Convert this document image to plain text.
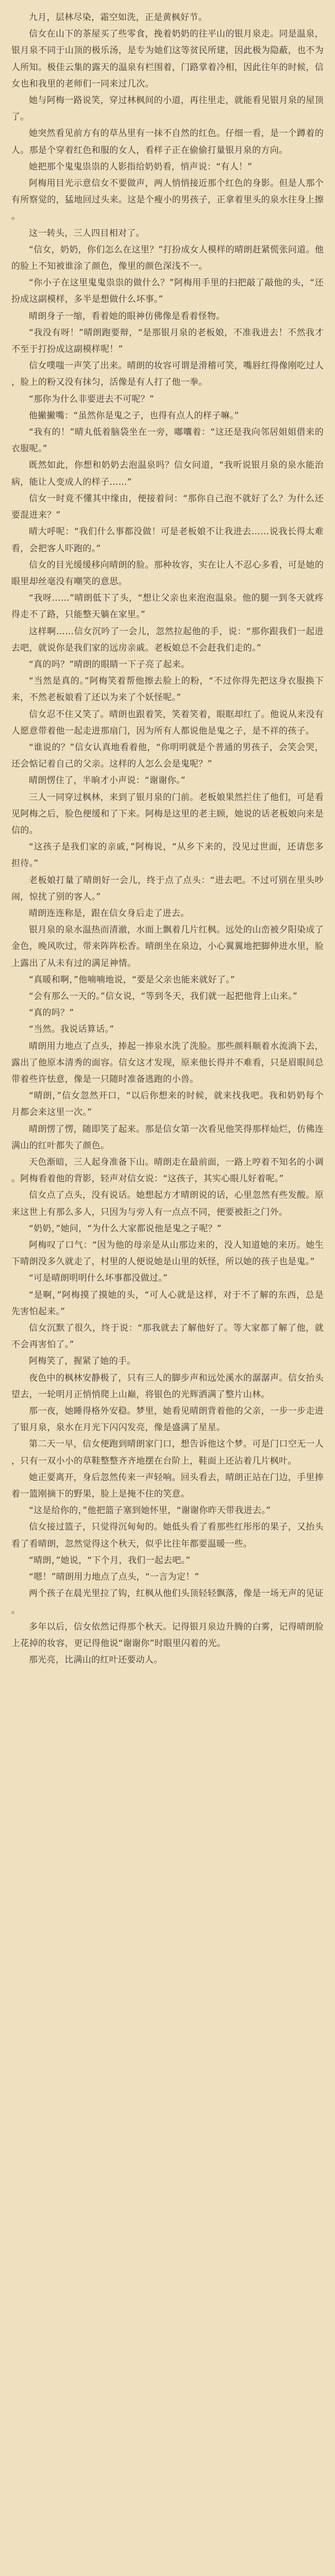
九月，层林尽染，霜空如洗，正是黄枫好节。

信女在山下的茶屋买了些零食，挽着奶奶的往平山的银月泉走。同是温泉，银月泉不同于山顶的极乐汤，是专为她们这等贫民所建，因此极为隐蔽，也不为人所知。极佳云集的露天的温泉有栏围着，门路掌着冷相，因此往年的时候，信女也和我里的老师们一同来过几次。

她与阿梅一路说笑，穿过林枫间的小道，再往里走，就能看见银月泉的屋顶了。

她突然看见前方有的草丛里有一抹不自然的红色。仔细一看，是一个蹲着的人。那是个穿着红色和服的女人，看样子正在偷偷打量银月泉的方向。

她把那个鬼鬼祟祟的人影指给奶奶看，悄声说：“有人！”

阿梅用目光示意信女不要做声，两人悄悄接近那个红色的身影。但是人那个有所察觉的，猛地回过头来。这是个瘦小的男孩子，正拿着里头的泉水往身上擦。

这一转头，三人四目相对了。

“信女，奶奶，你们怎么在这里？”打扮成女人模样的晴朗赶紧慌张问道。他的脸上不知被谁涂了颜色，像里的颜色深浅不一。

“你小子在这里鬼鬼祟祟的做什么？”阿梅用手里的扫把敲了敲他的头，“还扮成这副模样，多半是想做什么坏事。”

晴朗身子一缩，看着她的眼神仿佛像是看着怪物。

“我没有呀！”晴朗跑要辩，“是那银月泉的老板娘，不准我进去！不然我才不至于打扮成这副模样呢！”

信女噗嗤一声笑了出来。晴朗的妆容可谓是滑稽可笑，嘴唇红得像刚吃过人，脸上的粉又没有抹匀，活像是有人打了他一拳。

“那你为什么非要进去不可呢？”

他撇撇嘴：“虽然你是鬼之子，也得有点人的样子嘛。”

“我有的！”晴丸低着脑袋坐在一旁，嘟囔着：“这还是我向邻居姐姐借来的衣服呢。”

既然如此，你想和奶奶去泡温泉吗？信女问道，“我听说银月泉的泉水能治病，能让人变成人的样子……”

信女一时竟不懂其中缘由，便接着问：“那你自己泡不就好了么？为什么还要混进来？”

晴大呼呢：“我们什么事都没做！可是老板娘不让我进去……说我长得太难看，会把客人吓跑的。”

信女的目光缓缓移向晴朗的脸。那种妆容，实在让人不忍心多看，可是她的眼里却丝毫没有嘲笑的意思。

“我呀……”晴朗低下了头，“想让父亲也来泡泡温泉。他的腿一到冬天就疼得走不了路，只能整天躺在家里。”

这样啊……信女沉吟了一会儿，忽然拉起他的手，说：“那你跟我们一起进去吧，就说你是我们家的远房亲戚。老板娘总不会赶我们走的。”

“真的吗？”晴朗的眼睛一下子亮了起来。

“当然是真的。”阿梅笑着帮他擦去脸上的粉，“不过你得先把这身衣服换下来，不然老板娘看了还以为来了个妖怪呢。”

信女忍不住又笑了。晴朗也跟着笑，笑着笑着，眼眶却红了。他说从来没有人愿意带着他一起走进那扇门，因为所有人都说他是鬼之子，是不祥的孩子。

“谁说的？”信女认真地看着他，“你明明就是个普通的男孩子，会笑会哭，还会惦记着自己的父亲。这样的人怎么会是鬼呢？”

晴朗愣住了，半晌才小声说：“谢谢你。”

三人一同穿过枫林，来到了银月泉的门前。老板娘果然拦住了他们，可是看见阿梅之后，脸色便缓和了下来。阿梅是这里的老主顾，她说的话老板娘向来是信的。

“这孩子是我们家的亲戚，”阿梅说，“从乡下来的，没见过世面，还请您多担待。”

老板娘打量了晴朗好一会儿，终于点了点头：“进去吧。不过可别在里头吵闹，惊扰了别的客人。”

晴朗连连称是，跟在信女身后走了进去。

银月泉的泉水温热而清澈，水面上飘着几片红枫。远处的山峦被夕阳染成了金色，晚风吹过，带来阵阵松香。晴朗坐在泉边，小心翼翼地把脚伸进水里，脸上露出了从未有过的满足神情。

“真暖和啊，”他喃喃地说，“要是父亲也能来就好了。”

“会有那么一天的。”信女说，“等到冬天，我们就一起把他背上山来。”

“真的吗？”

“当然。我说话算话。”

晴朗用力地点了点头，捧起一捧泉水洗了洗脸。那些颜料顺着水流淌下去，露出了他原本清秀的面容。信女这才发现，原来他长得并不难看，只是眉眼间总带着些许怯意，像是一只随时准备逃跑的小兽。

“晴朗，”信女忽然开口，“以后你想来的时候，就来找我吧。我和奶奶每个月都会来这里一次。”

晴朗愣了愣，随即笑了起来。那是信女第一次看见他笑得那样灿烂，仿佛连满山的红叶都失了颜色。

天色渐暗，三人起身准备下山。晴朗走在最前面，一路上哼着不知名的小调。阿梅看着他的背影，轻声对信女说：“这孩子，其实心眼儿好着呢。”

信女点了点头，没有说话。她想起方才晴朗说的话，心里忽然有些发酸。原来这世上有那么多人，只因为与旁人有一点点不同，便要被拒之门外。

“奶奶，”她问，“为什么大家都说他是鬼之子呢？”

阿梅叹了口气：“因为他的母亲是从山那边来的，没人知道她的来历。她生下晴朗没多久就走了，村里的人便说她是山里的妖怪，所以她的孩子也是鬼。”

“可是晴朗明明什么坏事都没做过。”

“是啊，”阿梅摸了摸她的头，“可人心就是这样，对于不了解的东西，总是先害怕起来。”

信女沉默了很久，终于说：“那我就去了解他好了。等大家都了解了他，就不会再害怕了。”

阿梅笑了，握紧了她的手。

夜色中的枫林安静极了，只有三人的脚步声和远处溪水的潺潺声。信女抬头望去，一轮明月正悄悄爬上山巅，将银色的光辉洒满了整片山林。

那一夜，她睡得格外安稳。梦里，她看见晴朗背着他的父亲，一步一步走进了银月泉，泉水在月光下闪闪发亮，像是盛满了星星。

第二天一早，信女便跑到晴朗家门口，想告诉他这个梦。可是门口空无一人，只有一双小小的草鞋整整齐齐地摆在台阶上，鞋面上还沾着几片枫叶。

她正要离开，身后忽然传来一声轻响。回头看去，晴朗正站在门边，手里捧着一篮刚摘下的野果，脸上是掩不住的笑意。

“这是给你的，”他把篮子塞到她怀里，“谢谢你昨天带我进去。”

信女接过篮子，只觉得沉甸甸的。她低头看了看那些红彤彤的果子，又抬头看了看晴朗，忽然觉得这个秋天，似乎比往年都要温暖一些。

“晴朗，”她说，“下个月，我们一起去吧。”

“嗯！”晴朗用力地点了点头，“一言为定！”

两个孩子在晨光里拉了钩，红枫从他们头顶轻轻飘落，像是一场无声的见证。

多年以后，信女依然记得那个秋天。记得银月泉边升腾的白雾，记得晴朗脸上花掉的妆容，更记得他说“谢谢你”时眼里闪着的光。

那光亮，比满山的红叶还要动人。
